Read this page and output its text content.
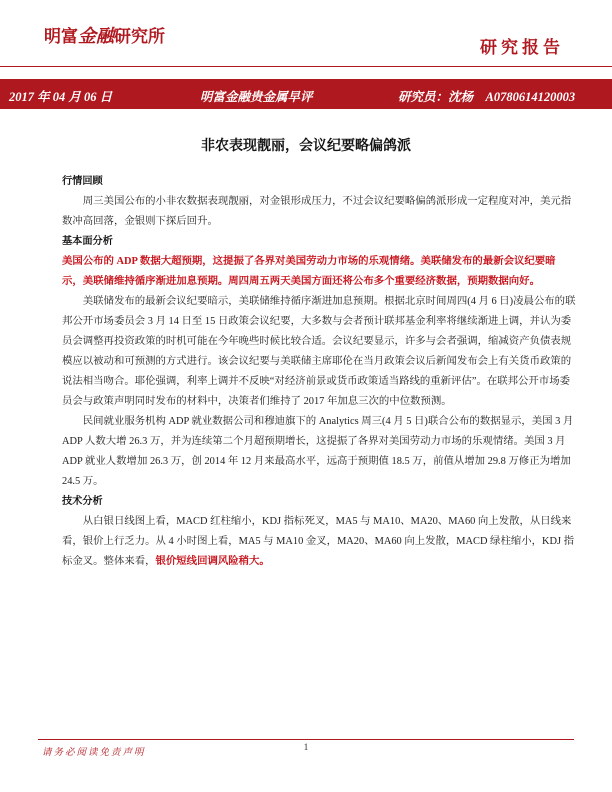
明富金融研究所
研究报告
2017 年 04 月 06 日	明富金融贵金属早评	研究员：沈杨　A0780614120003
非农表现靓丽，会议纪要略偏鸽派
行情回顾

　　周三美国公布的小非农数据表现靓丽，对金银形成压力，不过会议纪要略偏鸽派形成一定程度对冲，美元指数冲高回落，金银则下探后回升。

基本面分析

美国公布的 ADP 数据大超预期，这提振了各界对美国劳动力市场的乐观情绪。美联储发布的最新会议纪要暗示，美联储维持循序渐进加息预期。周四周五两天美国方面还将公布多个重要经济数据，预期数据向好。

　　美联储发布的最新会议纪要暗示，美联储维持循序渐进加息预期。根据北京时间周四(4 月 6 日)凌晨公布的联邦公开市场委员会 3 月 14 日至 15 日政策会议纪要，大多数与会者预计联邦基金利率将继续渐进上调，并认为委员会调整再投资政策的时机可能在今年晚些时候比较合适。会议纪要显示，许多与会者强调，缩减资产负债表规模应以被动和可预测的方式进行。该会议纪要与美联储主席耶伦在当月政策会议后新闻发布会上有关货币政策的说法相当吻合。耶伦强调，利率上调并不反映“对经济前景或货币政策适当路线的重新评估”。在联邦公开市场委员会与政策声明同时发布的材料中，决策者们维持了 2017 年加息三次的中位数预测。

　　民间就业服务机构 ADP 就业数据公司和穆迪旗下的 Analytics 周三(4 月 5 日)联合公布的数据显示，美国 3 月 ADP 人数大增 26.3 万，并为连续第二个月超预期增长，这提振了各界对美国劳动力市场的乐观情绪。美国 3 月 ADP 就业人数增加 26.3 万，创 2014 年 12 月来最高水平，远高于预期值 18.5 万，前值从增加 29.8 万修正为增加 24.5 万。

技术分析

　　从白银日线图上看，MACD 红柱缩小，KDJ 指标死叉，MA5 与 MA10、MA20、MA60 向上发散，从日线来看，银价上行乏力。从 4 小时图上看，MA5 与 MA10 金叉，MA20、MA60 向上发散，MACD 绿柱缩小，KDJ 指标金叉。整体来看，银价短线回调风险稍大。

请务必阅读免责声明	1
